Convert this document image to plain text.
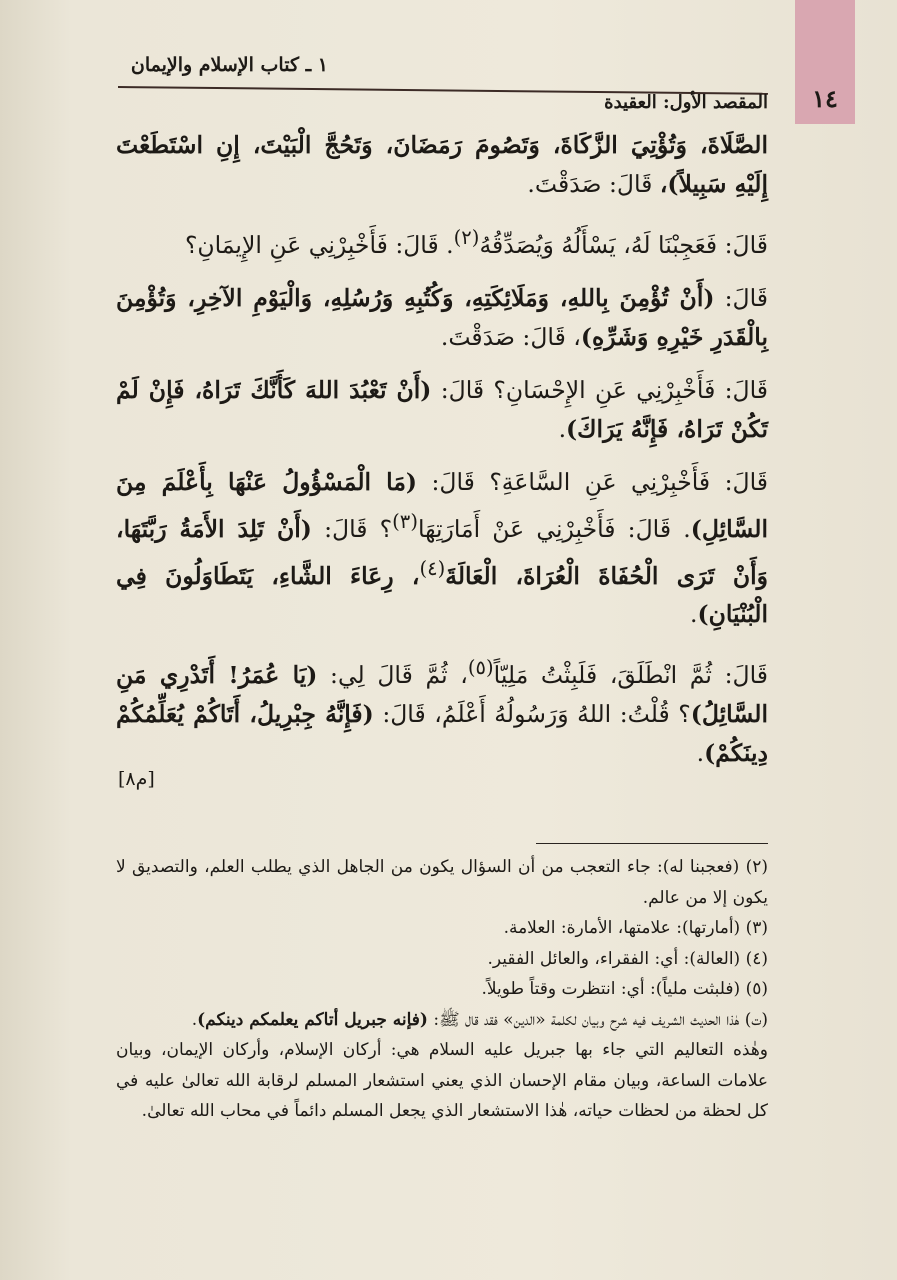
١٤
١ ـ كتاب الإسلام والإيمان
المقصد الأول: العقيدة

الصَّلَاةَ، وَتُؤْتِيَ الزَّكَاةَ، وَتَصُومَ رَمَضَانَ، وَتَحُجَّ الْبَيْتَ، إِنِ اسْتَطَعْتَ إِلَيْهِ سَبِيلاً)، قَالَ: صَدَقْتَ.

قَالَ: فَعَجِبْنَا لَهُ، يَسْأَلُهُ وَيُصَدِّقُهُ$^{(٢)}$. قَالَ: فَأَخْبِرْنِي عَنِ الإِيمَانِ؟

قَالَ: (أَنْ تُؤْمِنَ بِاللهِ، وَمَلَائِكَتِهِ، وَكُتُبِهِ وَرُسُلِهِ، وَالْيَوْمِ الآخِرِ، وَتُؤْمِنَ بِالْقَدَرِ خَيْرِهِ وَشَرِّهِ)، قَالَ: صَدَقْتَ.

قَالَ: فَأَخْبِرْنِي عَنِ الإِحْسَانِ؟ قَالَ: (أَنْ تَعْبُدَ اللهَ كَأَنَّكَ تَرَاهُ، فَإِنْ لَمْ تَكُنْ تَرَاهُ، فَإِنَّهُ يَرَاكَ).

قَالَ: فَأَخْبِرْنِي عَنِ السَّاعَةِ؟ قَالَ: (مَا الْمَسْؤُولُ عَنْهَا بِأَعْلَمَ مِنَ السَّائِلِ). قَالَ: فَأَخْبِرْنِي عَنْ أَمَارَتِهَا$^{(٣)}$؟ قَالَ: (أَنْ تَلِدَ الأَمَةُ رَبَّتَهَا، وَأَنْ تَرَى الْحُفَاةَ الْعُرَاةَ، الْعَالَةَ$^{(٤)}$، رِعَاءَ الشَّاءِ، يَتَطَاوَلُونَ فِي الْبُنْيَانِ).

قَالَ: ثُمَّ انْطَلَقَ، فَلَبِثْتُ مَلِيّاً$^{(٥)}$، ثُمَّ قَالَ لِي: (يَا عُمَرُ! أَتَدْرِي مَنِ السَّائِلُ)؟ قُلْتُ: اللهُ وَرَسُولُهُ أَعْلَمُ، قَالَ: (فَإِنَّهُ جِبْرِيلُ، أَتَاكُمْ يُعَلِّمُكُمْ دِينَكُمْ).

[م٨]

(٢) (فعجبنا له): جاء التعجب من أن السؤال يكون من الجاهل الذي يطلب العلم، والتصديق لا يكون إلا من عالم.

(٣) (أمارتها): علامتها، الأمارة: العلامة.

(٤) (العالة): أي: الفقراء، والعائل الفقير.

(٥) (فلبثت ملياً): أي: انتظرت وقتاً طويلاً.

(ت) هٰذا الحديث الشريف فيه شرح وبيان لكلمة «الدين» فقد قال ﷺ: (فإنه جبريل أتاكم يعلمكم دينكم).

وهٰذه التعاليم التي جاء بها جبريل عليه السلام هي: أركان الإسلام، وأركان الإيمان، وبيان علامات الساعة، وبيان مقام الإحسان الذي يعني استشعار المسلم لرقابة الله تعالىٰ عليه في كل لحظة من لحظات حياته، هٰذا الاستشعار الذي يجعل المسلم دائماً في محاب الله تعالىٰ.
